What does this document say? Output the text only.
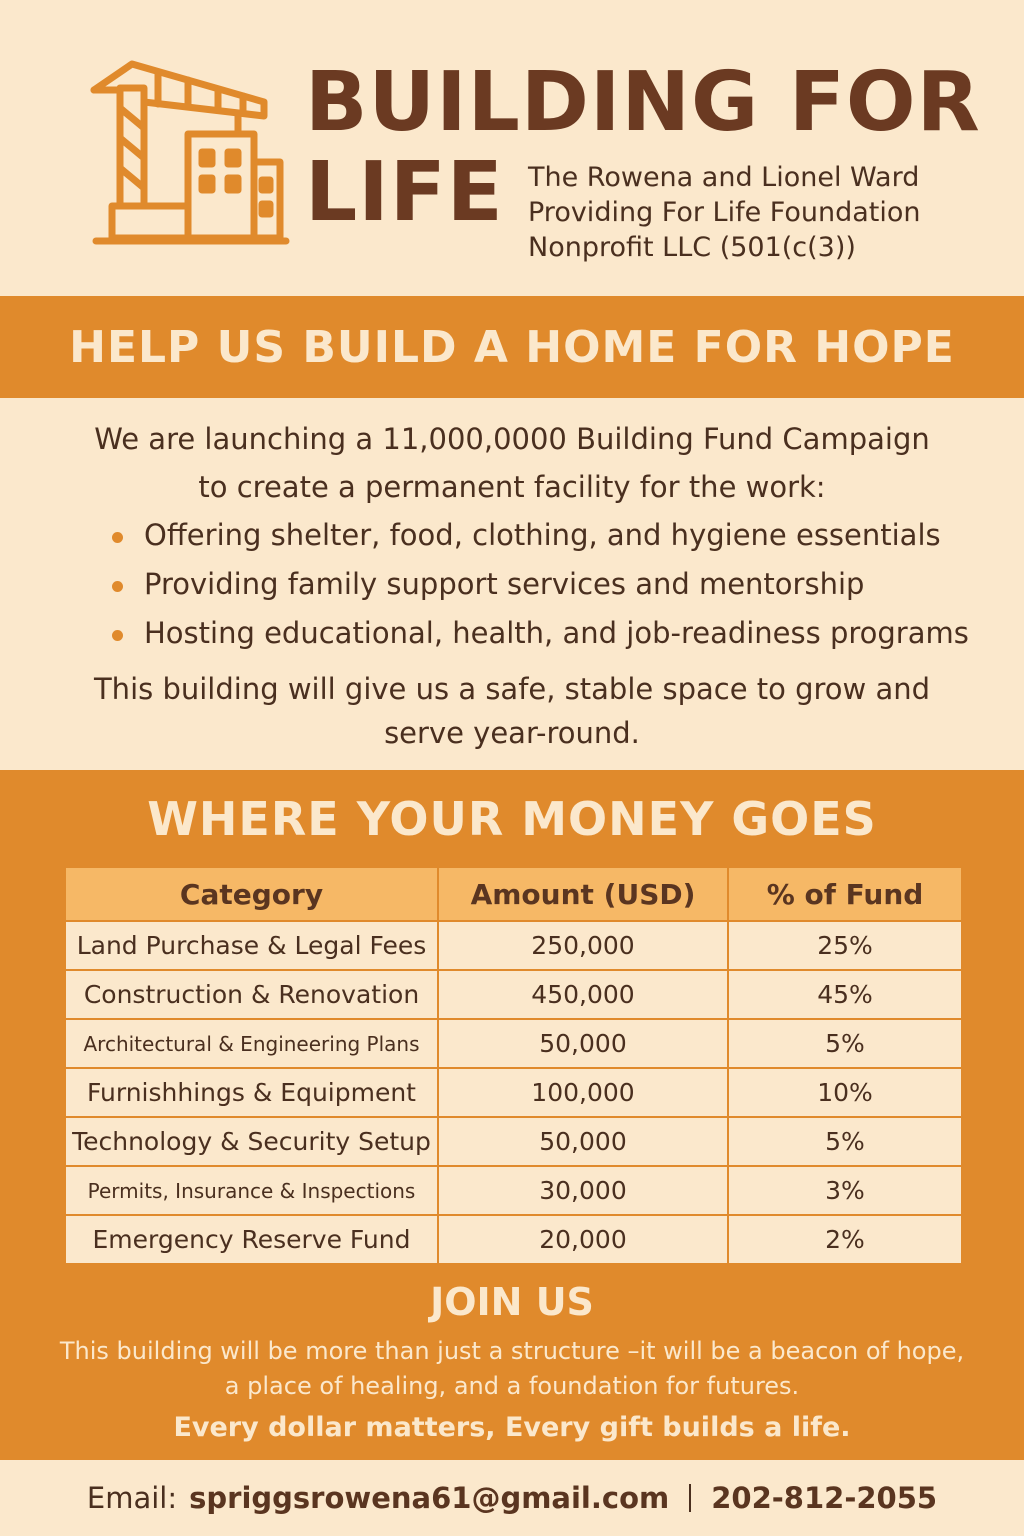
BUILDING FOR
LIFE The Rowena and Lionel Ward
Providing For Life Foundation
Nonprofit LLC (501(c(3))
HELP US BUILD A HOME FOR HOPE
We are launching a 11,000,0000 Building Fund Campaign
to create a permanent facility for the work:
Offering shelter, food, clothing, and hygiene essentials
Providing family support services and mentorship
Hosting educational, health, and job-readiness programs
This building will give us a safe, stable space to grow and
serve year-round.
WHERE YOUR MONEY GOES
Category	Amount (USD)	% of Fund
Land Purchase & Legal Fees	250,000	25%
Construction & Renovation	450,000	45%
Architectural & Engineering Plans	50,000	5%
Furnishhings & Equipment	100,000	10%
Technology & Security Setup	50,000	5%
Permits, Insurance & Inspections	30,000	3%
Emergency Reserve Fund	20,000	2%
JOIN US
This building will be more than just a structure –it will be a beacon of hope,
a place of healing, and a foundation for futures.
Every dollar matters, Every gift builds a life.
Email: spriggsrowena61@gmail.com 202-812-2055
